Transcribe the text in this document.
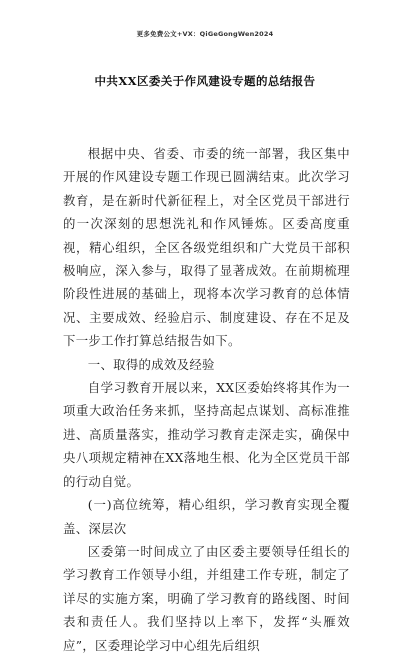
更多免费公文+VX：QiGeGongWen2024
中共XX区委关于作风建设专题的总结报告

根据中央、省委、市委的统一部署，我区集中开展的作风建设专题工作现已圆满结束。此次学习教育，是在新时代新征程上，对全区党员干部进行的一次深刻的思想洗礼和作风锤炼。区委高度重视，精心组织，全区各级党组织和广大党员干部积极响应，深入参与，取得了显著成效。在前期梳理阶段性进展的基础上，现将本次学习教育的总体情况、主要成效、经验启示、制度建设、存在不足及下一步工作打算总结报告如下。

一、取得的成效及经验

自学习教育开展以来，XX区委始终将其作为一项重大政治任务来抓，坚持高起点谋划、高标准推进、高质量落实，推动学习教育走深走实，确保中央八项规定精神在XX落地生根、化为全区党员干部的行动自觉。

(一)高位统筹，精心组织，学习教育实现全覆盖、深层次

区委第一时间成立了由区委主要领导任组长的学习教育工作领导小组，并组建工作专班，制定了详尽的实施方案，明确了学习教育的路线图、时间表和责任人。我们坚持以上率下，发挥“头雁效应”，区委理论学习中心组先后组织
